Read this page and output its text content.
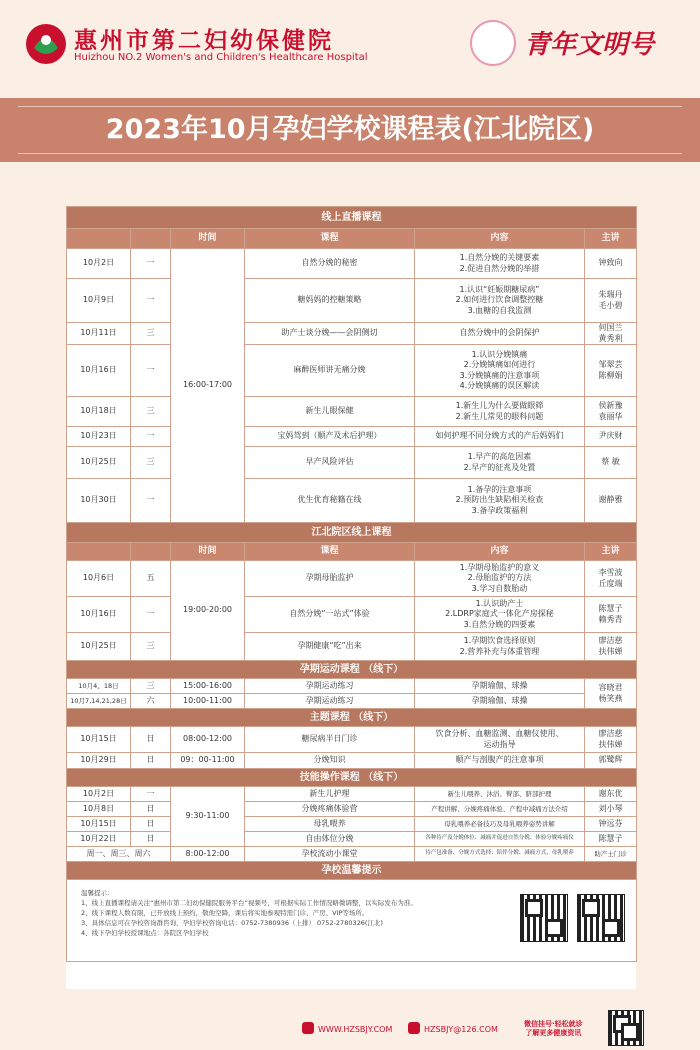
惠州市第二妇幼保健院
Huizhou NO.2 Women's and Children's Healthcare Hospital	青年文明号
2023年10月孕妇学校课程表(江北院区)
线上直播课程					
		时间	课程	内容	主讲
10月2日	一	16:00-17:00	自然分娩的秘密	1.自然分娩的关键要素
2.促进自然分娩的举措	钟致向
10月9日	一		糖妈妈的控糖策略	1.认识“妊娠期糖尿病”
2.如何进行饮食调整控糖
3.血糖的自我监测	朱瑞丹
毛小碧
10月11日	三		助产士谈分娩——会阴侧切	自然分娩中的会阴保护	何国兰
黄秀利
10月16日	一		麻醉医师讲无痛分娩	1.认识分娩镇痛
2.分娩镇痛如何进行
3.分娩镇痛的注意事项
4.分娩镇痛的误区解读	邹翠芸
陈柳娟
10月18日	三		新生儿眼保健	1.新生儿为什么要做眼筛
2.新生儿常见的眼科问题	侯新豫
袁丽华
10月23日	一		宝妈驾到（顺产及术后护理）	如何护理不同分娩方式的产后妈妈们	尹庆财
10月25日	三		早产风险评估	1.早产的高危因素
2.早产的征兆及处置	蔡 敏
10月30日	一		优生优育秘籍在线	1.备孕的注意事项
2.预防出生缺陷相关检查
3.备孕政策福利	谢静雅
江北院区线上课程					
		时间	课程	内容	主讲
10月6日	五	19:00-20:00	孕期母胎监护	1.孕期母胎监护的意义
2.母胎监护的方法
3.学习自数胎动	李雪波
丘度端
10月16日	一		自然分娩“一站式”体验	1.认识助产士
2.LDRP家庭式一体化产房探秘
3.自然分娩的四要素	陈慧子
赖秀青
10月25日	三		孕期健康“吃”出来	1.孕期饮食选择原则
2.营养补充与体重管理	廖洁慈
扶伟婵
孕期运动课程 （线下）					
10月4、18日	三	15:00-16:00	孕期运动练习	孕期瑜伽、球操	容晓君
杨笑燕
10月7,14,21,28日	六	10:00-11:00	孕期运动练习	孕期瑜伽、球操	
主题课程 （线下）					
10月15日	日	08:00-12:00	糖尿病半日门诊	饮食分析、血糖监测、血糖仪使用、
运动指导	廖洁慈
扶伟婵
10月29日	日	09：00-11:00	分娩知识	顺产与剖腹产的注意事项	郭鹭辉
技能操作课程 （线下）					
10月2日	一	9:30-11:00	新生儿护理	新生儿喂养、沐浴、臀部、脐部护理	谢东优
10月8日	日		分娩疼痛体验营	产程讲解、分娩疼痛体验、产程中减痛方法介绍	刘小琴
10月15日	日		母乳喂养	母乳喂养必备技巧及母乳喂养姿势讲解	钟远芬
10月22日	日		自由体位分娩	各种待产及分娩体位、减痛并促进自然分娩、体验分娩疼痛仪	陈慧子
周一、周三、周六		8:00-12:00	孕校流动小课堂	待产包准备、分娩方式选择；陪伴分娩、减痛方式、母乳喂养	助产士门诊
孕校温馨提示					

温馨提示：
1、线上直播课程请关注“惠州市第二妇幼保健院服务平台”视频号，可根据实际工作情况略微调整，以实际发布为准。
2、线下课程人数有限，已开放线上预约，敬他空降，课后将实地参观特需门诊、产房、VIP等场所。
3、具体信息可在孕校咨询群咨询，孕妇学校咨询电话：0752-7380936（上排） 0752-2780326(江北)
4、线下孕妇学校授课地点：各院区孕妇学校					
WWW.HZSBJY.COM	HZSBJY@126.COM
微信挂号·轻松就诊
了解更多健康资讯
